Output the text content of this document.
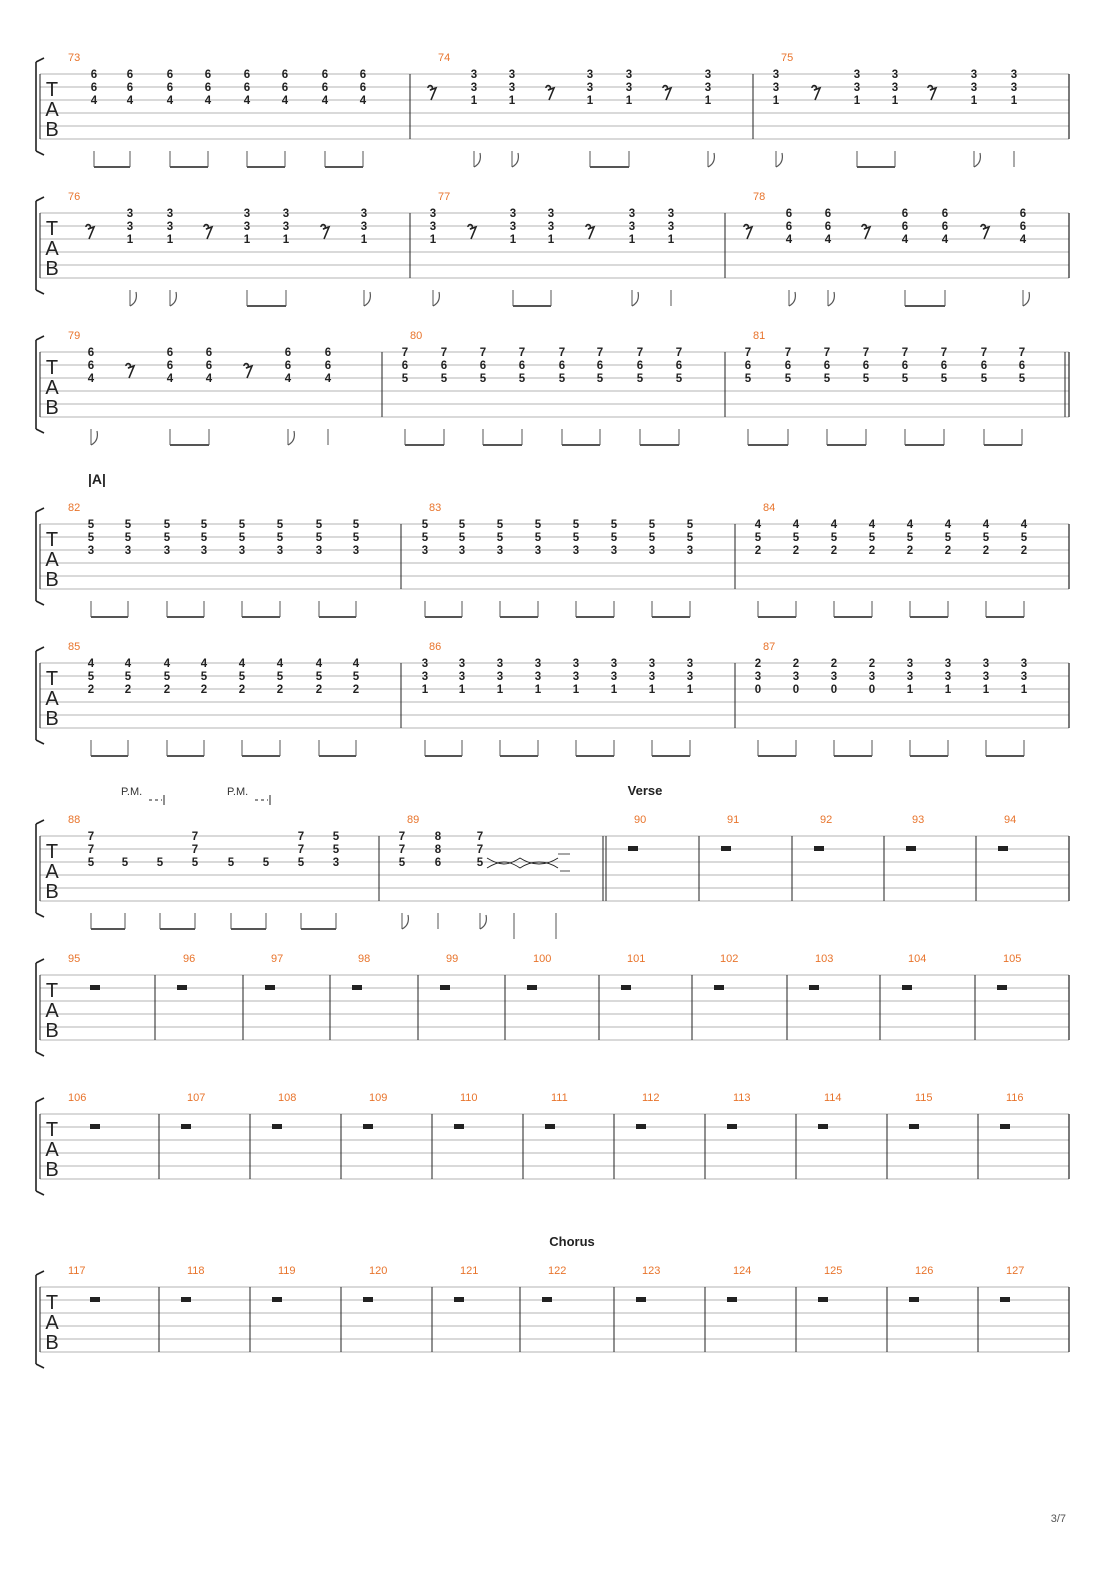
3/7
|A|
Verse
Chorus
P.M.	P.M.
T
A
B
73
6
6
4
6
6
4
6
6
4
6
6
4
6
6
4
6
6
4
6
6
4
6
6
4
74
3
3
1
3
3
1
3
3
1
3
3
1
3
3
1
75
3
3
1
3
3
1
3
3
1
3
3
1
3
3
1
T
A
B
76
3
3
1
3
3
1
3
3
1
3
3
1
3
3
1
77
3
3
1
3
3
1
3
3
1
3
3
1
3
3
1
78
6
6
4
6
6
4
6
6
4
6
6
4
6
6
4
T
A
B
79
6
6
4
6
6
4
6
6
4
6
6
4
6
6
4
80
7
6
5
7
6
5
7
6
5
7
6
5
7
6
5
7
6
5
7
6
5
7
6
5
81
7
6
5
7
6
5
7
6
5
7
6
5
7
6
5
7
6
5
7
6
5
7
6
5
T
A
B
82
5
5
3
5
5
3
5
5
3
5
5
3
5
5
3
5
5
3
5
5
3
5
5
3
83
5
5
3
5
5
3
5
5
3
5
5
3
5
5
3
5
5
3
5
5
3
5
5
3
84
4
5
2
4
5
2
4
5
2
4
5
2
4
5
2
4
5
2
4
5
2
4
5
2
T
A
B
85
4
5
2
4
5
2
4
5
2
4
5
2
4
5
2
4
5
2
4
5
2
4
5
2
86
3
3
1
3
3
1
3
3
1
3
3
1
3
3
1
3
3
1
3
3
1
3
3
1
87
2
3
0
2
3
0
2
3
0
2
3
0
3
3
1
3
3
1
3
3
1
3
3
1
T
A
B
88
7
7
5 5 5
7
7
5	5 5
7
7
5
5
5
3
89
7
7
5
8
8
6
7
7
5
90	91	92	93	94
T
A
B
95	96	97	98	99	100	101	102	103	104	105
T
A
B
106	107	108	109	110	111	112	113	114	115	116
T
A
B
117	118	119	120	121	122	123	124	125	126	127
